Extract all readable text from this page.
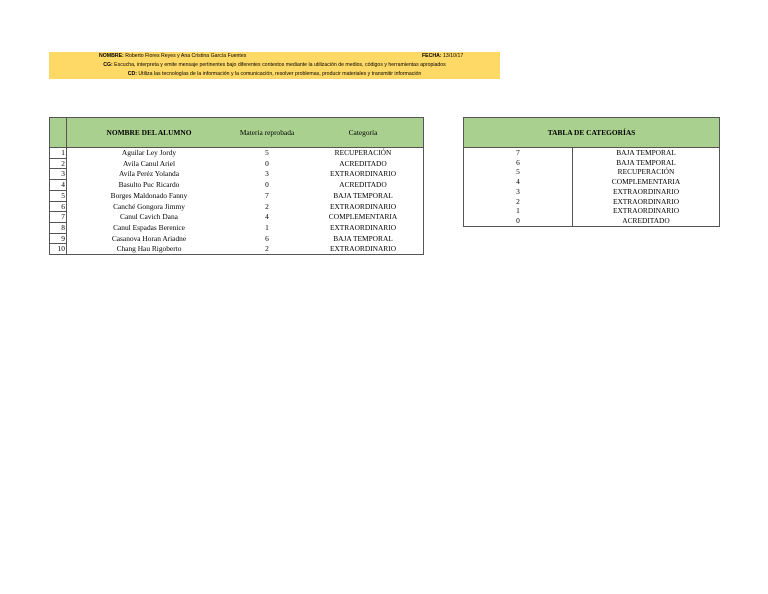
NOMBRE: Roberto Flores Reyes y Ana Cristina García Fuentes	FECHA: 13/10/17
CG: Escucha, interpreta y emite mensaje pertinentes bajo diferentes contextos mediante la utilización de medios, códigos y herramientas apropiados
CD: Utiliza las tecnologías de la información y la comunicación, resolver problemas, producir materiales y transmitir información
	NOMBRE DEL ALUMNO	Materia reprobada	Categoría
1	Aguilar Ley Jordy	5	RECUPERACIÓN
2	Avila Canul Ariel	0	ACREDITADO
3	Avila Peréz Yolanda	3	EXTRAORDINARIO
4	Basulto Puc Ricardo	0	ACREDITADO
5	Borges Maldonado Fanny	7	BAJA TEMPORAL
6	Canché Gongora Jimmy	2	EXTRAORDINARIO
7	Canul Cavich Dana	4	COMPLEMENTARIA
8	Canul Espadas Berenice	1	EXTRAORDINARIO
9	Casanova Horan Ariadne	6	BAJA TEMPORAL
10	Chang Hau Rigoberto	2	EXTRAORDINARIO
TABLA DE CATEGORÍAS	
7	BAJA TEMPORAL
6	BAJA TEMPORAL
5	RECUPERACIÓN
4	COMPLEMENTARIA
3	EXTRAORDINARIO
2	EXTRAORDINARIO
1	EXTRAORDINARIO
0	ACREDITADO
